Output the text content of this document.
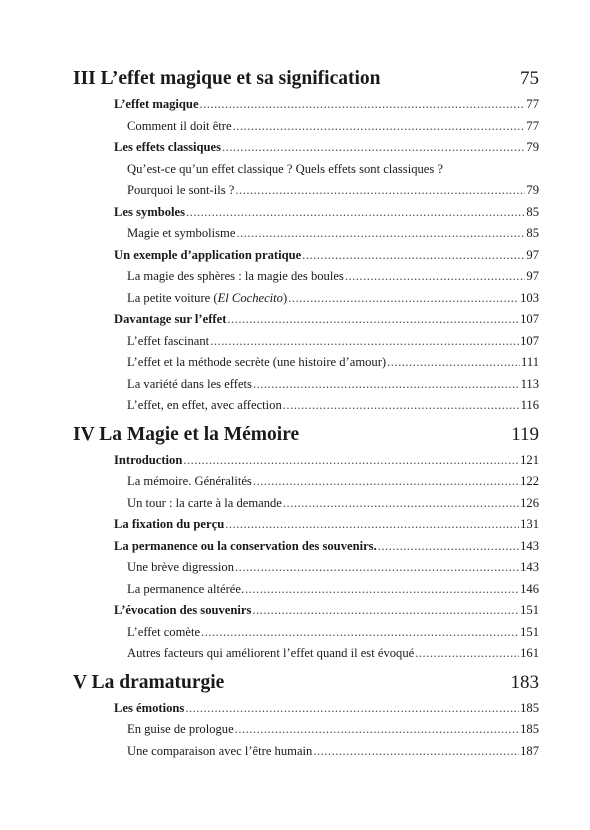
III L’effet magique et sa signification	75
L’effet magique .....	77
Comment il doit être .....	77
Les effets classiques .....	79
Qu’est-ce qu’un effet classique ? Quels effets sont classiques ?
Pourquoi le sont-ils ? .....	79
Les symboles .....	85
Magie et symbolisme .....	85
Un exemple d’application pratique .....	97
La magie des sphères : la magie des boules .....	97
La petite voiture (El Cochecito) .....	103
Davantage sur l’effet .....	107
L’effet fascinant .....	107
L’effet et la méthode secrète (une histoire d’amour) .....	111
La variété dans les effets .....	113
L’effet, en effet, avec affection .....	116
IV La Magie et la Mémoire	119
Introduction .....	121
La mémoire. Généralités .....	122
Un tour : la carte à la demande .....	126
La fixation du perçu .....	131
La permanence ou la conservation des souvenirs. .....	143
Une brève digression .....	143
La permanence altérée. .....	146
L’évocation des souvenirs .....	151
L’effet comète .....	151
Autres facteurs qui améliorent l’effet quand il est évoqué .....	161
V La dramaturgie	183
Les émotions .....	185
En guise de prologue .....	185
Une comparaison avec l’être humain .....	187
